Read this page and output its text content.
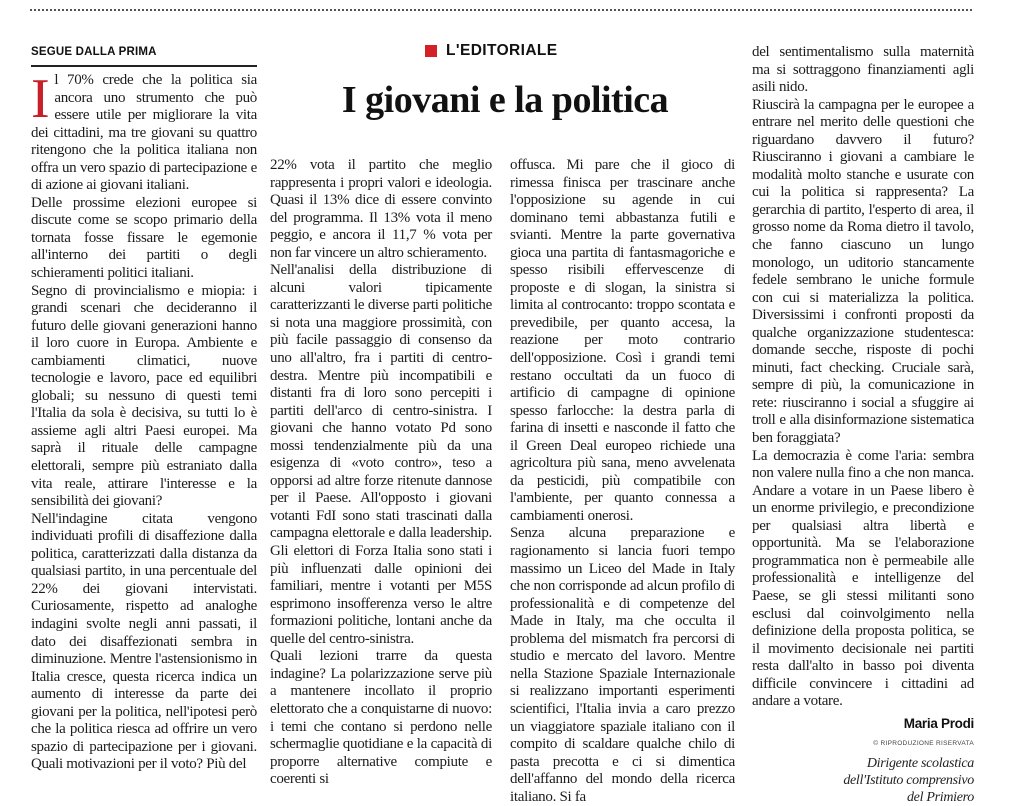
SEGUE DALLA PRIMA	L'EDITORIALE
I giovani e la politica

Il 70% crede che la politica sia ancora uno strumento che può essere utile per migliorare la vita dei cittadini, ma tre giovani su quattro ritengono che la politica italiana non offra un vero spazio di partecipazione e di azione ai giovani italiani.

Delle prossime elezioni europee si discute come se scopo primario della tornata fosse fissare le egemonie all'interno dei partiti o degli schieramenti politici italiani.

Segno di provincialismo e miopia: i grandi scenari che decideranno il futuro delle giovani generazioni hanno il loro cuore in Europa. Ambiente e cambiamenti climatici, nuove tecnologie e lavoro, pace ed equilibri globali; su nessuno di questi temi l'Italia da sola è decisiva, su tutti lo è assieme agli altri Paesi europei. Ma saprà il rituale delle campagne elettorali, sempre più estraniato dalla vita reale, attirare l'interesse e la sensibilità dei giovani?

Nell'indagine citata vengono individuati profili di disaffezione dalla politica, caratterizzati dalla distanza da qualsiasi partito, in una percentuale del 22% dei giovani intervistati. Curiosamente, rispetto ad analoghe indagini svolte negli anni passati, il dato dei disaffezionati sembra in diminuzione. Mentre l'astensionismo in Italia cresce, questa ricerca indica un aumento di interesse da parte dei giovani per la politica, nell'ipotesi però che la politica riesca ad offrire un vero spazio di partecipazione per i giovani. Quali motivazioni per il voto? Più del

22% vota il partito che meglio rappresenta i propri valori e ideologia. Quasi il 13% dice di essere convinto del programma. Il 13% vota il meno peggio, e ancora il 11,7 % vota per non far vincere un altro schieramento.

Nell'analisi della distribuzione di alcuni valori tipicamente caratterizzanti le diverse parti politiche si nota una maggiore prossimità, con più facile passaggio di consenso da uno all'altro, fra i partiti di centro-destra. Mentre più incompatibili e distanti fra di loro sono percepiti i partiti dell'arco di centro-sinistra. I giovani che hanno votato Pd sono mossi tendenzialmente più da una esigenza di «voto contro», teso a opporsi ad altre forze ritenute dannose per il Paese. All'opposto i giovani votanti FdI sono stati trascinati dalla campagna elettorale e dalla leadership. Gli elettori di Forza Italia sono stati i più influenzati dalle opinioni dei familiari, mentre i votanti per M5S esprimono insofferenza verso le altre formazioni politiche, lontani anche da quelle del centro-sinistra.

Quali lezioni trarre da questa indagine? La polarizzazione serve più a mantenere incollato il proprio elettorato che a conquistarne di nuovo: i temi che contano si perdono nelle schermaglie quotidiane e la capacità di proporre alternative compiute e coerenti si

offusca. Mi pare che il gioco di rimessa finisca per trascinare anche l'opposizione su agende in cui dominano temi abbastanza futili e svianti. Mentre la parte governativa gioca una partita di fantasmagoriche e spesso risibili effervescenze di proposte e di slogan, la sinistra si limita al controcanto: troppo scontata e prevedibile, per quanto accesa, la reazione per moto contrario dell'opposizione. Così i grandi temi restano occultati da un fuoco di artificio di campagne di opinione spesso farlocche: la destra parla di farina di insetti e nasconde il fatto che il Green Deal europeo richiede una agricoltura più sana, meno avvelenata da pesticidi, più compatibile con l'ambiente, per quanto connessa a cambiamenti onerosi.

Senza alcuna preparazione e ragionamento si lancia fuori tempo massimo un Liceo del Made in Italy che non corrisponde ad alcun profilo di professionalità e di competenze del Made in Italy, ma che occulta il problema del mismatch fra percorsi di studio e mercato del lavoro. Mentre nella Stazione Spaziale Internazionale si realizzano importanti esperimenti scientifici, l'Italia invia a caro prezzo un viaggiatore spaziale italiano con il compito di scaldare qualche chilo di pasta precotta e ci si dimentica dell'affanno del mondo della ricerca italiano. Si fa

del sentimentalismo sulla maternità ma si sottraggono finanziamenti agli asili nido.

Riuscirà la campagna per le europee a entrare nel merito delle questioni che riguardano davvero il futuro? Riusciranno i giovani a cambiare le modalità molto stanche e usurate con cui la politica si rappresenta? La gerarchia di partito, l'esperto di area, il grosso nome da Roma dietro il tavolo, che fanno ciascuno un lungo monologo, un uditorio stancamente fedele sembrano le uniche formule con cui si materializza la politica. Diversissimi i confronti proposti da qualche organizzazione studentesca: domande secche, risposte di pochi minuti, fact checking. Cruciale sarà, sempre di più, la comunicazione in rete: riusciranno i social a sfuggire ai troll e alla disinformazione sistematica ben foraggiata?

La democrazia è come l'aria: sembra non valere nulla fino a che non manca. Andare a votare in un Paese libero è un enorme privilegio, e precondizione per qualsiasi altra libertà e opportunità. Ma se l'elaborazione programmatica non è permeabile alle professionalità e intelligenze del Paese, se gli stessi militanti sono esclusi dal coinvolgimento nella definizione della proposta politica, se il movimento decisionale nei partiti resta dall'alto in basso poi diventa difficile convincere i cittadini ad andare a votare.

Maria Prodi
© RIPRODUZIONE RISERVATA
Dirigente scolastica
dell'Istituto comprensivo
del Primiero
